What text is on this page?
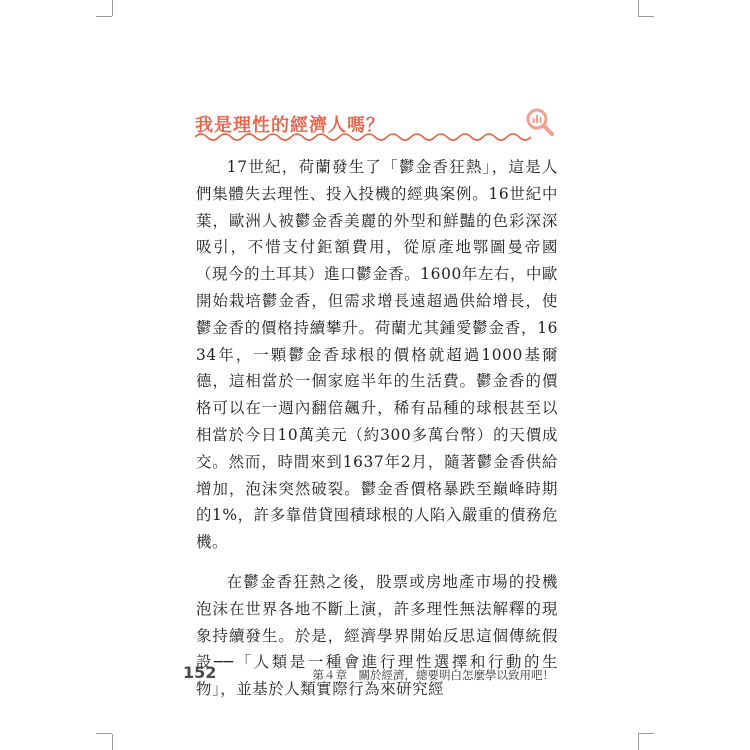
我是理性的經濟人嗎？

17世紀，荷蘭發生了「鬱金香狂熱」，這是人們集體失去理性、投入投機的經典案例。16世紀中葉，歐洲人被鬱金香美麗的外型和鮮豔的色彩深深吸引，不惜支付鉅額費用，從原產地鄂圖曼帝國（現今的土耳其）進口鬱金香。1600年左右，中歐開始栽培鬱金香，但需求增長遠超過供給增長，使鬱金香的價格持續攀升。荷蘭尤其鍾愛鬱金香，1634年，一顆鬱金香球根的價格就超過1000基爾德，這相當於一個家庭半年的生活費。鬱金香的價格可以在一週內翻倍飆升，稀有品種的球根甚至以相當於今日10萬美元（約300多萬台幣）的天價成交。然而，時間來到1637年2月，隨著鬱金香供給增加，泡沫突然破裂。鬱金香價格暴跌至巔峰時期的1%，許多靠借貸囤積球根的人陷入嚴重的債務危機。

在鬱金香狂熱之後，股票或房地產市場的投機泡沫在世界各地不斷上演，許多理性無法解釋的現象持續發生。於是，經濟學界開始反思這個傳統假設──「人類是一種會進行理性選擇和行動的生物」，並基於人類實際行為來研究經

152	第４章　關於經濟，總要明白怎麼學以致用吧！
